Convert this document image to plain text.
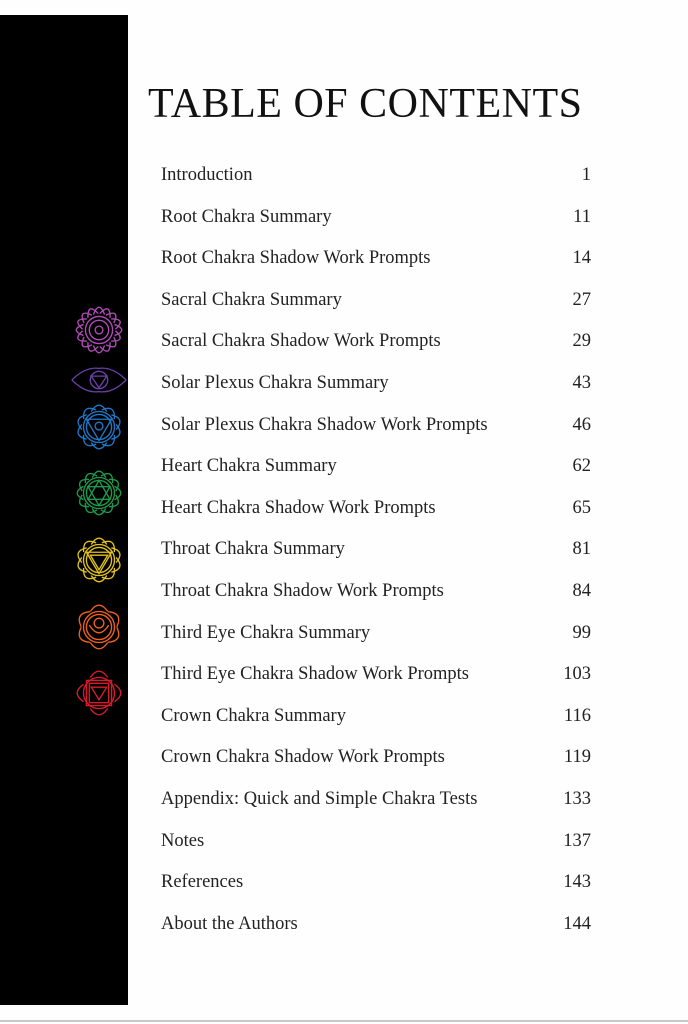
TABLE OF CONTENTS
Introduction	1
Root Chakra Summary	11
Root Chakra Shadow Work Prompts	14
Sacral Chakra Summary	27
Sacral Chakra Shadow Work Prompts	29
Solar Plexus Chakra Summary	43
Solar Plexus Chakra Shadow Work Prompts	46
Heart Chakra Summary	62
Heart Chakra Shadow Work Prompts	65
Throat Chakra Summary	81
Throat Chakra Shadow Work Prompts	84
Third Eye Chakra Summary	99
Third Eye Chakra Shadow Work Prompts	103
Crown Chakra Summary	116
Crown Chakra Shadow Work Prompts	119
Appendix: Quick and Simple Chakra Tests	133
Notes	137
References	143
About the Authors	144
